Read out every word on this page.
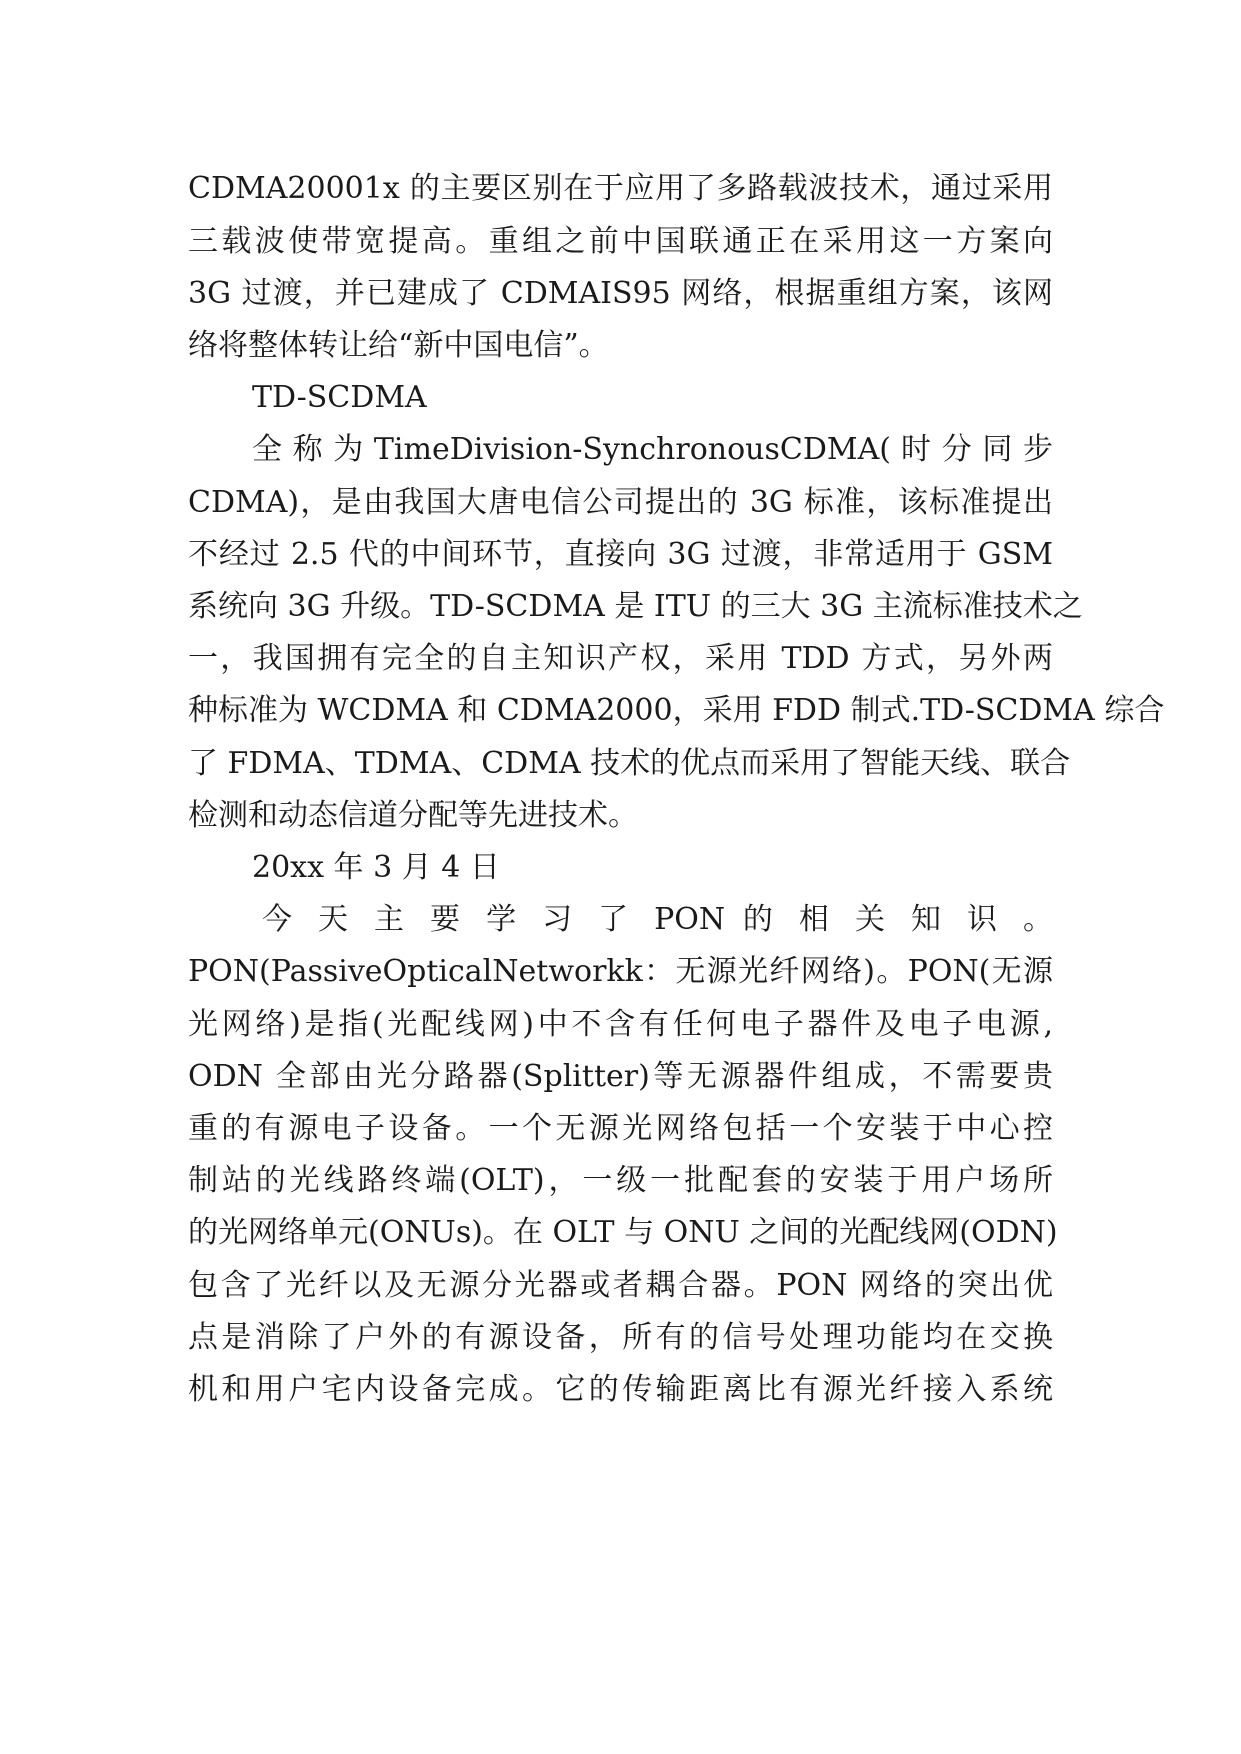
CDMA20001x 的主要区别在于应用了多路载波技术，通过采用
三载波使带宽提高。重组之前中国联通正在采用这一方案向
3G 过渡，并已建成了 CDMAIS95 网络，根据重组方案，该网
络将整体转让给“新中国电信”。
TD-SCDMA
全 称 为 TimeDivision-SynchronousCDMA( 时 分 同 步
CDMA)，是由我国大唐电信公司提出的 3G 标准，该标准提出
不经过 2.5 代的中间环节，直接向 3G 过渡，非常适用于 GSM
系统向 3G 升级。TD-SCDMA 是 ITU 的三大 3G 主流标准技术之
一，我国拥有完全的自主知识产权，采用 TDD 方式，另外两
种标准为 WCDMA 和 CDMA2000，采用 FDD 制式.TD-SCDMA 综合
了 FDMA、TDMA、CDMA 技术的优点而采用了智能天线、联合
检测和动态信道分配等先进技术。
20xx 年 3 月 4 日
今 天 主 要 学 习 了 PON 的 相 关 知 识 。
PON(PassiveOpticalNetworkk：无源光纤网络)。PON(无源
光网络)是指(光配线网)中不含有任何电子器件及电子电源,
ODN 全部由光分路器(Splitter)等无源器件组成，不需要贵
重的有源电子设备。一个无源光网络包括一个安装于中心控
制站的光线路终端(OLT)，一级一批配套的安装于用户场所
的光网络单元(ONUs)。在 OLT 与 ONU 之间的光配线网(ODN)
包含了光纤以及无源分光器或者耦合器。PON 网络的突出优
点是消除了户外的有源设备，所有的信号处理功能均在交换
机和用户宅内设备完成。它的传输距离比有源光纤接入系统
